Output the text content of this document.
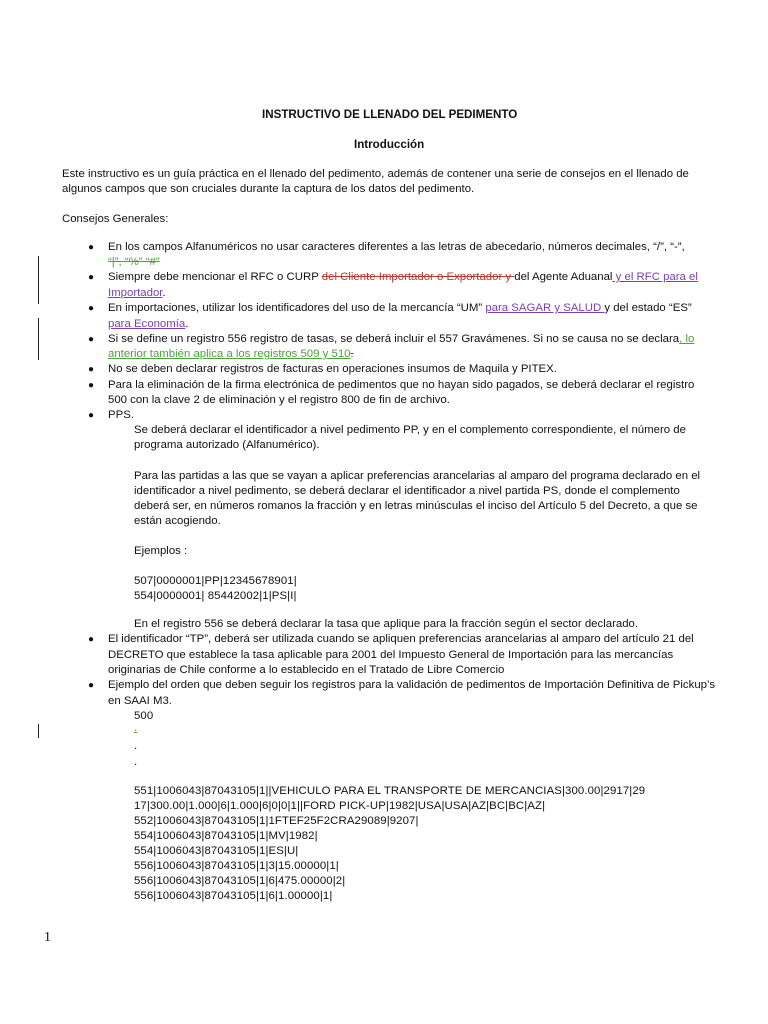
INSTRUCTIVO DE LLENADO DEL PEDIMENTO
Introducción
Este instructivo es un guía práctica en el llenado del pedimento, además de contener una serie de consejos en el llenado de
algunos campos que son cruciales durante la captura de los datos del pedimento.
Consejos Generales:
● En los campos Alfanuméricos no usar caracteres diferentes a las letras de abecedario, números decimales, “/”, “-”,
“|”, “%” “#”
● Siempre debe mencionar el RFC o CURP del Cliente Importador o Exportador y del Agente Aduanal y el RFC para el
Importador.
● En importaciones, utilizar los identificadores del uso de la mercancía “UM” para SAGAR y SALUD y del estado “ES”
para Economía.
● Si se define un registro 556 registro de tasas, se deberá incluir el 557 Gravámenes. Si no se causa no se declara, lo
anterior también aplica a los registros 509 y 510.
● No se deben declarar registros de facturas en operaciones insumos de Maquila y PITEX.
● Para la eliminación de la firma electrónica de pedimentos que no hayan sido pagados, se deberá declarar el registro
500 con la clave 2 de eliminación y el registro 800 de fin de archivo.
● PPS.
Se deberá declarar el identificador a nivel pedimento PP, y en el complemento correspondiente, el número de
programa autorizado (Alfanumérico).
Para las partidas a las que se vayan a aplicar preferencias arancelarias al amparo del programa declarado en el
identificador a nivel pedimento, se deberá declarar el identificador a nivel partida PS, donde el complemento
deberá ser, en números romanos la fracción y en letras minúsculas el inciso del Artículo 5 del Decreto, a que se
están acogiendo.
Ejemplos :
507|0000001|PP|12345678901|
554|0000001| 85442002|1|PS|I|
En el registro 556 se deberá declarar la tasa que aplique para la fracción según el sector declarado.
● El identificador “TP”, deberá ser utilizada cuando se apliquen preferencias arancelarias al amparo del artículo 21 del
DECRETO que establece la tasa aplicable para 2001 del Impuesto General de Importación para las mercancías
originarias de Chile conforme a lo establecido en el Tratado de Libre Comercio
● Ejemplo del orden que deben seguir los registros para la validación de pedimentos de Importación Definitiva de Pickup’s
en SAAI M3.
500
.
.
.
551|1006043|87043105|1||VEHICULO PARA EL TRANSPORTE DE MERCANCIAS|300.00|2917|29
17|300.00|1.000|6|1.000|6|0|0|1||FORD PICK-UP|1982|USA|USA|AZ|BC|BC|AZ|
552|1006043|87043105|1|1FTEF25F2CRA29089|9207|
554|1006043|87043105|1|MV|1982|
554|1006043|87043105|1|ES|U|
556|1006043|87043105|1|3|15.00000|1|
556|1006043|87043105|1|6|475.00000|2|
556|1006043|87043105|1|6|1.00000|1|
1
